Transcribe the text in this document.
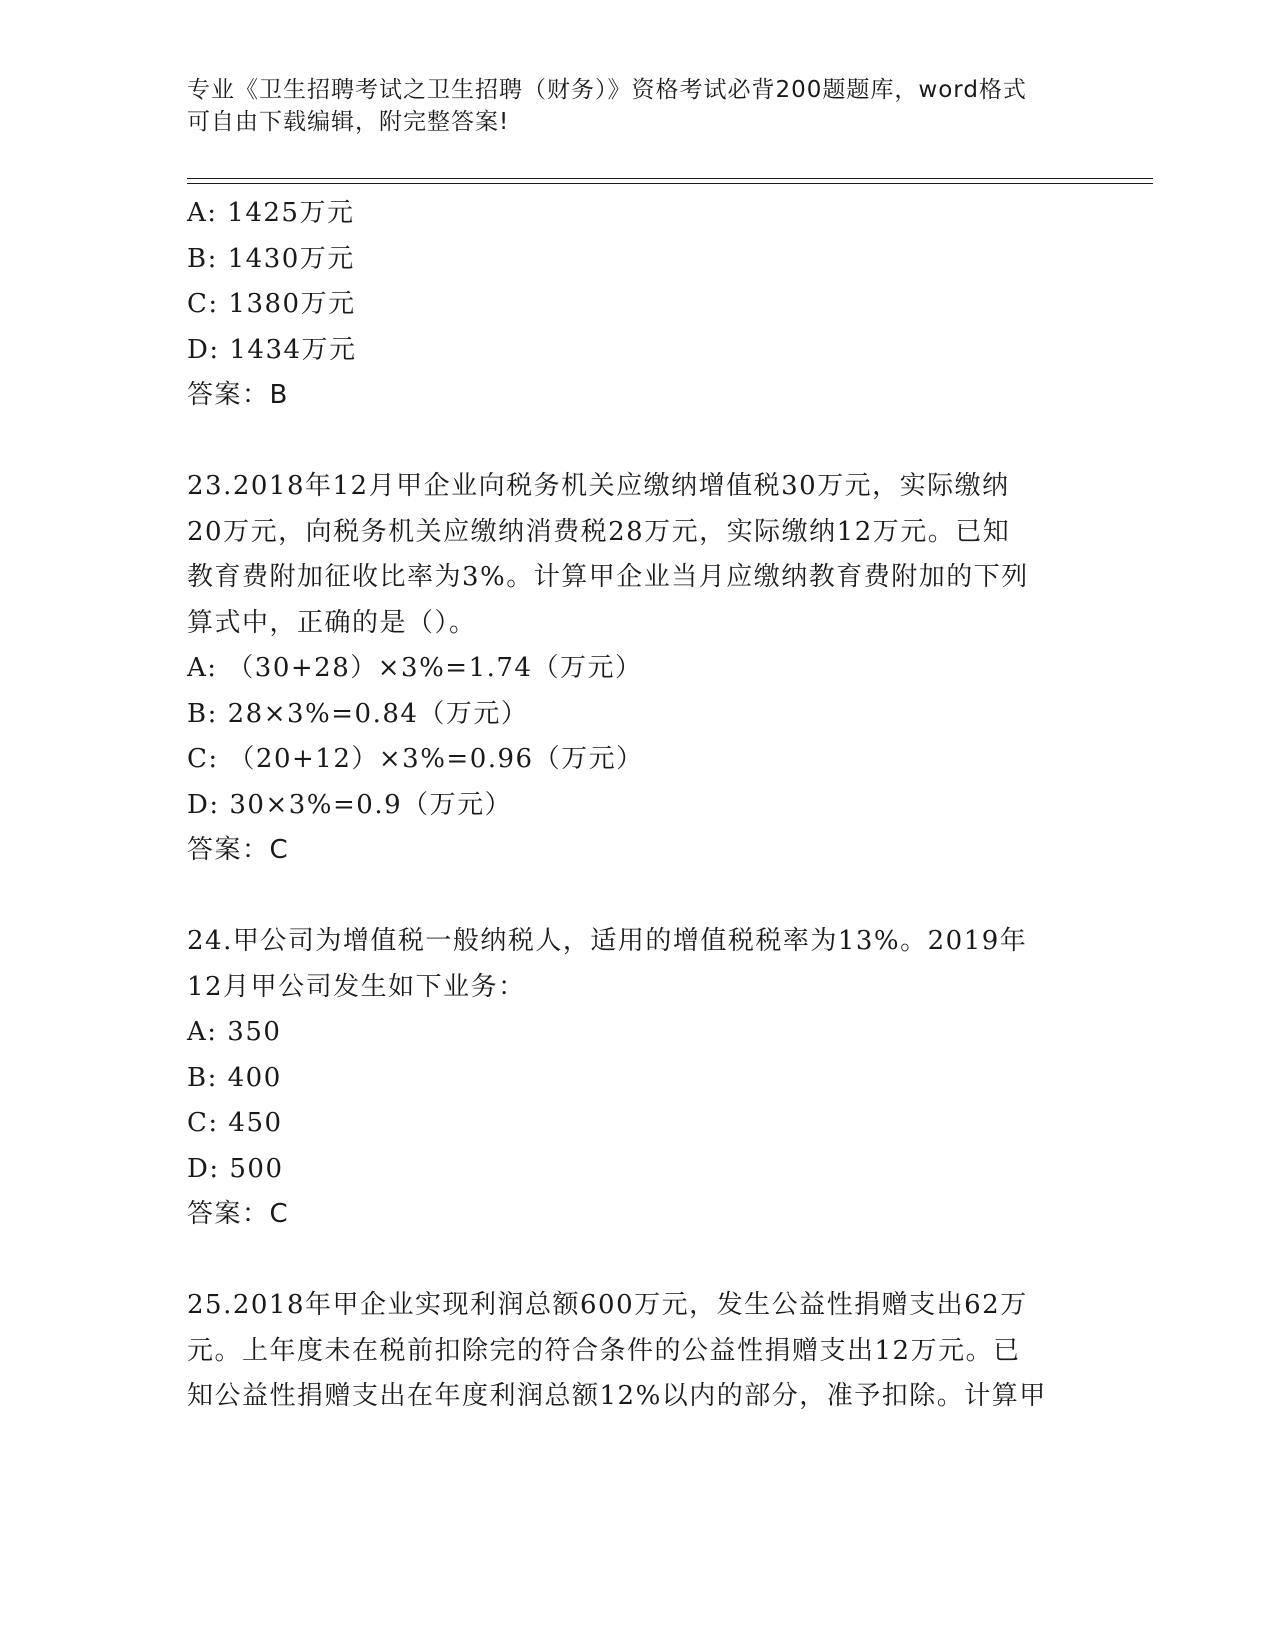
专业《卫生招聘考试之卫生招聘（财务）》资格考试必背200题题库，word格式
可自由下载编辑，附完整答案!
A: 1425万元
B: 1430万元
C: 1380万元
D: 1434万元
答案：B
23.2018年12月甲企业向税务机关应缴纳增值税30万元，实际缴纳
20万元，向税务机关应缴纳消费税28万元，实际缴纳12万元。已知
教育费附加征收比率为3%。计算甲企业当月应缴纳教育费附加的下列
算式中，正确的是（）。
A: （30+28）×3%=1.74（万元）
B: 28×3%=0.84（万元）
C: （20+12）×3%=0.96（万元）
D: 30×3%=0.9（万元）
答案：C
24.甲公司为增值税一般纳税人，适用的增值税税率为13%。2019年
12月甲公司发生如下业务：
A: 350
B: 400
C: 450
D: 500
答案：C
25.2018年甲企业实现利润总额600万元，发生公益性捐赠支出62万
元。上年度未在税前扣除完的符合条件的公益性捐赠支出12万元。已
知公益性捐赠支出在年度利润总额12%以内的部分，准予扣除。计算甲
